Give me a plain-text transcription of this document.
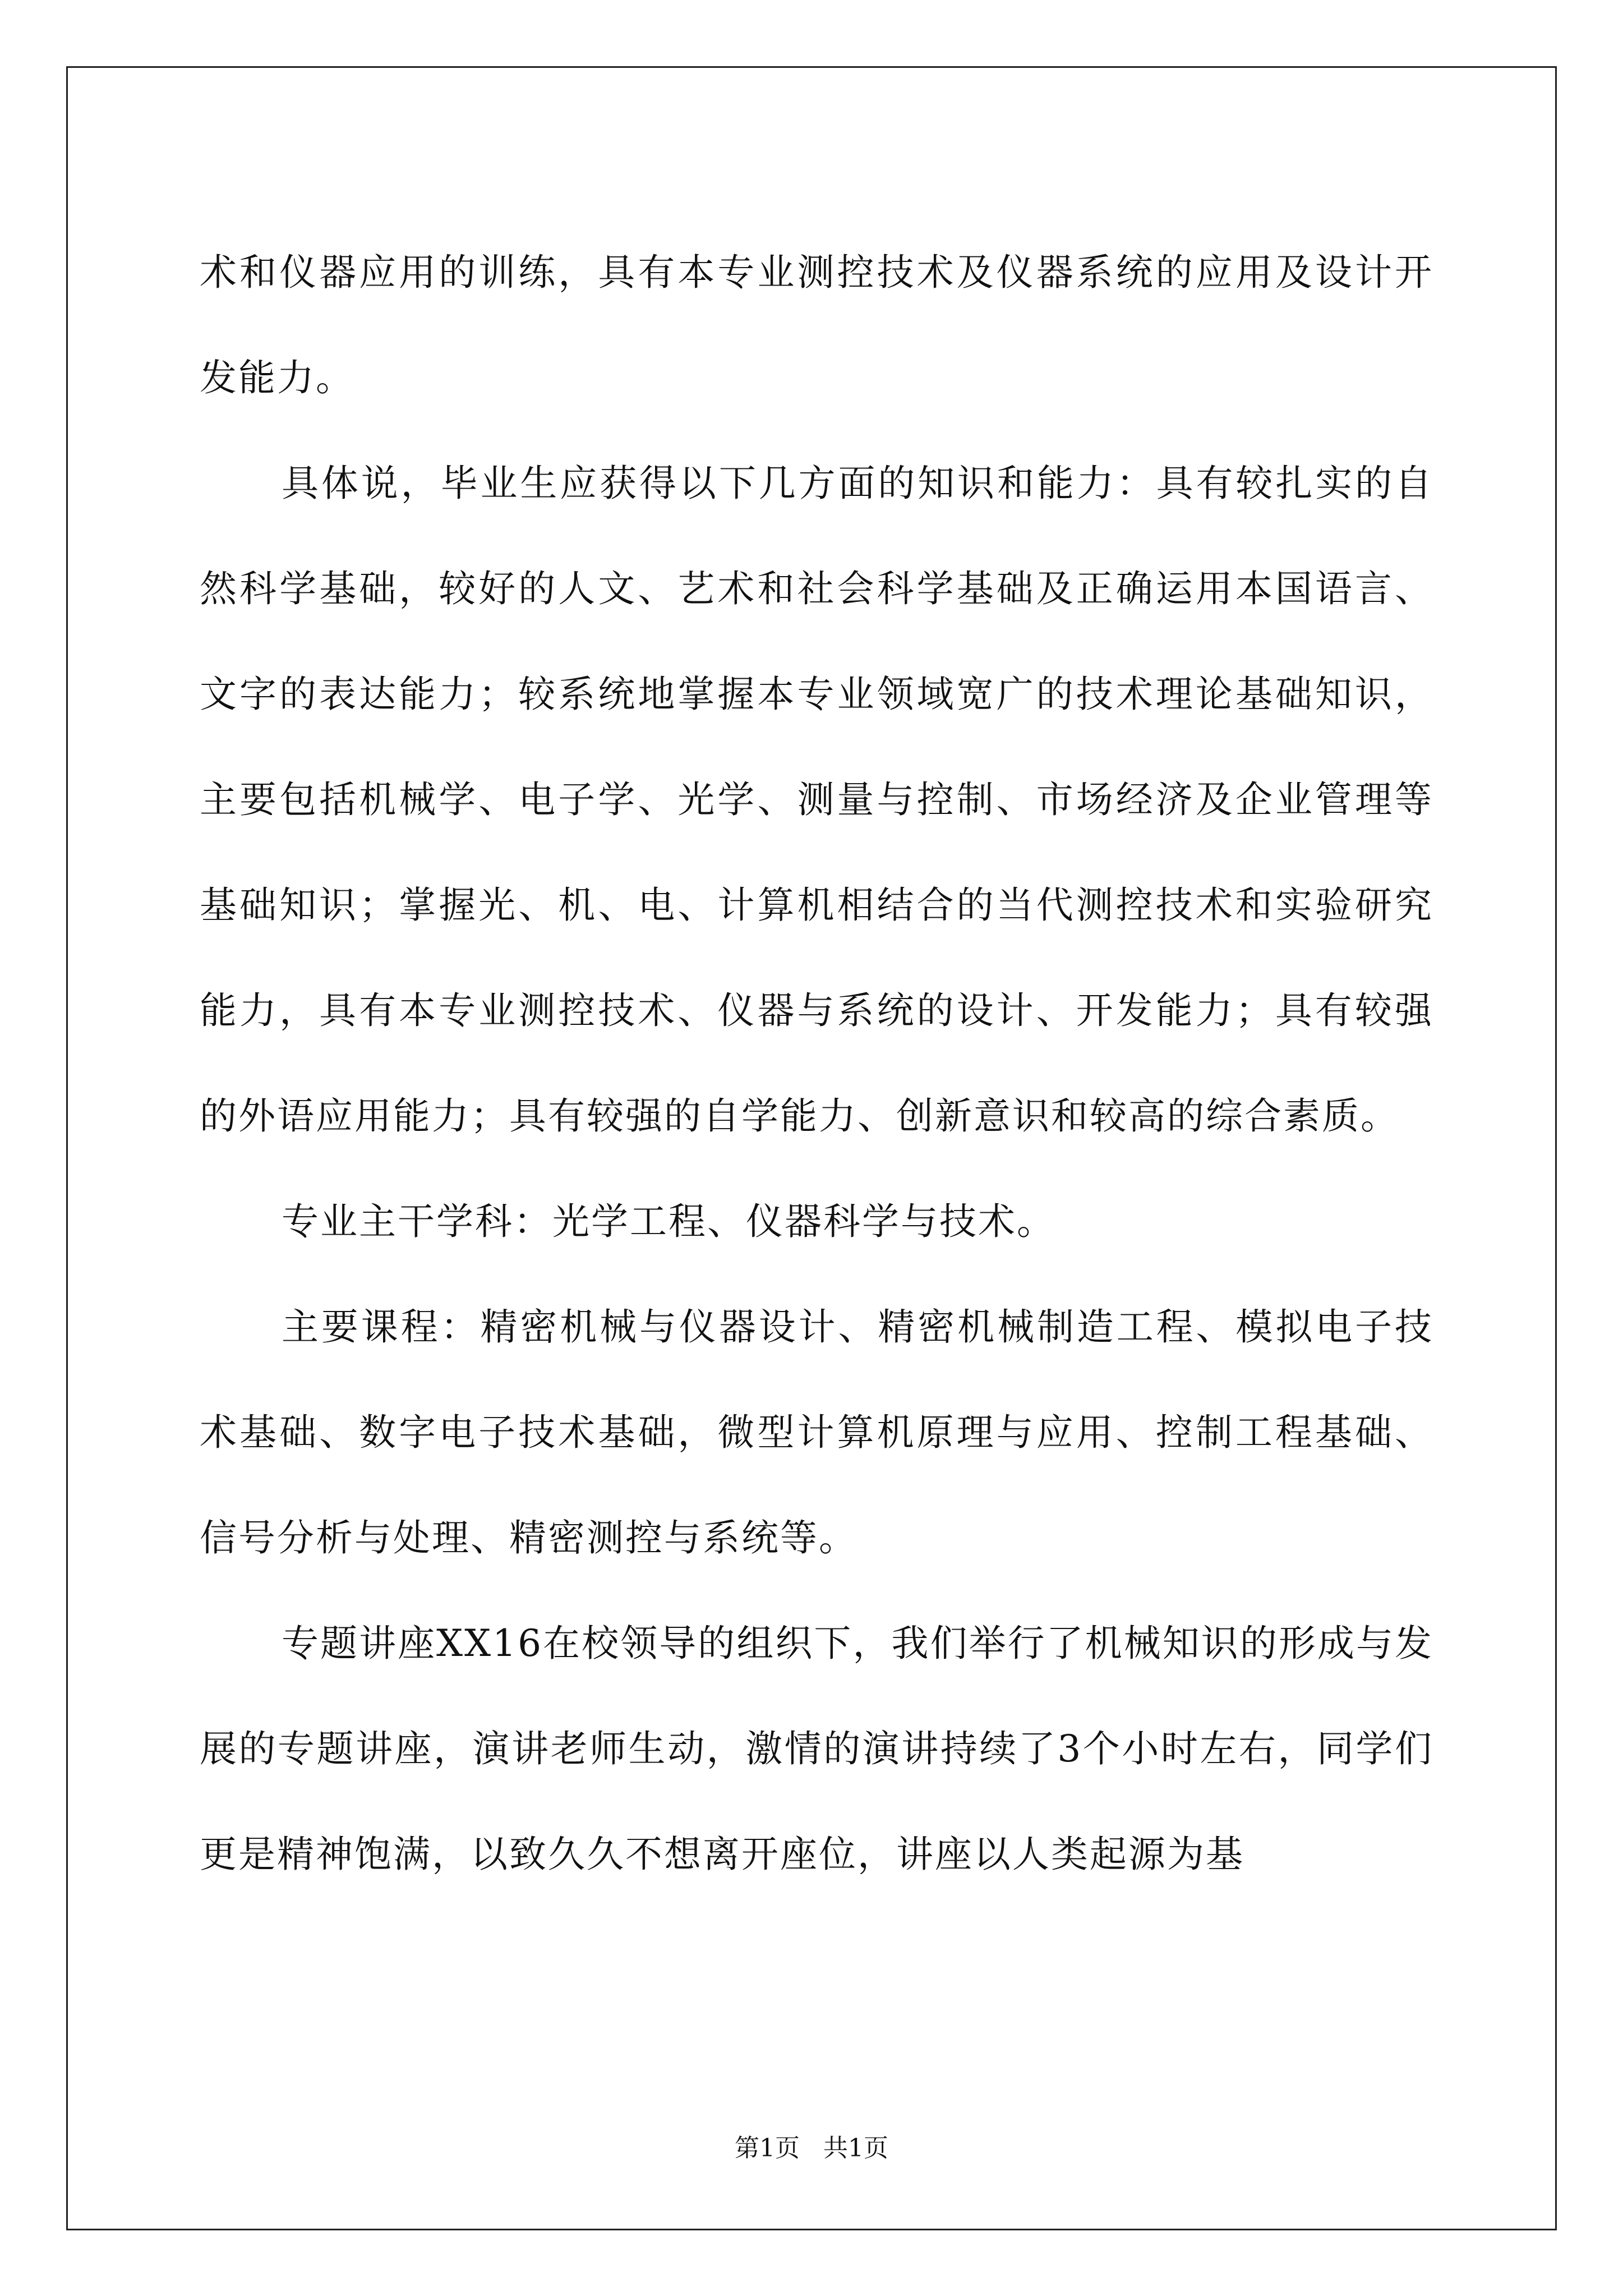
术和仪器应用的训练，具有本专业测控技术及仪器系统的应用及设计开发能力。

具体说，毕业生应获得以下几方面的知识和能力：具有较扎实的自然科学基础，较好的人文、艺术和社会科学基础及正确运用本国语言、文字的表达能力；较系统地掌握本专业领域宽广的技术理论基础知识，主要包括机械学、电子学、光学、测量与控制、市场经济及企业管理等基础知识；掌握光、机、电、计算机相结合的当代测控技术和实验研究能力，具有本专业测控技术、仪器与系统的设计、开发能力；具有较强的外语应用能力；具有较强的自学能力、创新意识和较高的综合素质。

专业主干学科：光学工程、仪器科学与技术。

主要课程：精密机械与仪器设计、精密机械制造工程、模拟电子技术基础、数字电子技术基础，微型计算机原理与应用、控制工程基础、信号分析与处理、精密测控与系统等。

专题讲座XX16在校领导的组织下，我们举行了机械知识的形成与发展的专题讲座，演讲老师生动，激情的演讲持续了3个小时左右，同学们更是精神饱满，以致久久不想离开座位，讲座以人类起源为基

第1页 共1页
